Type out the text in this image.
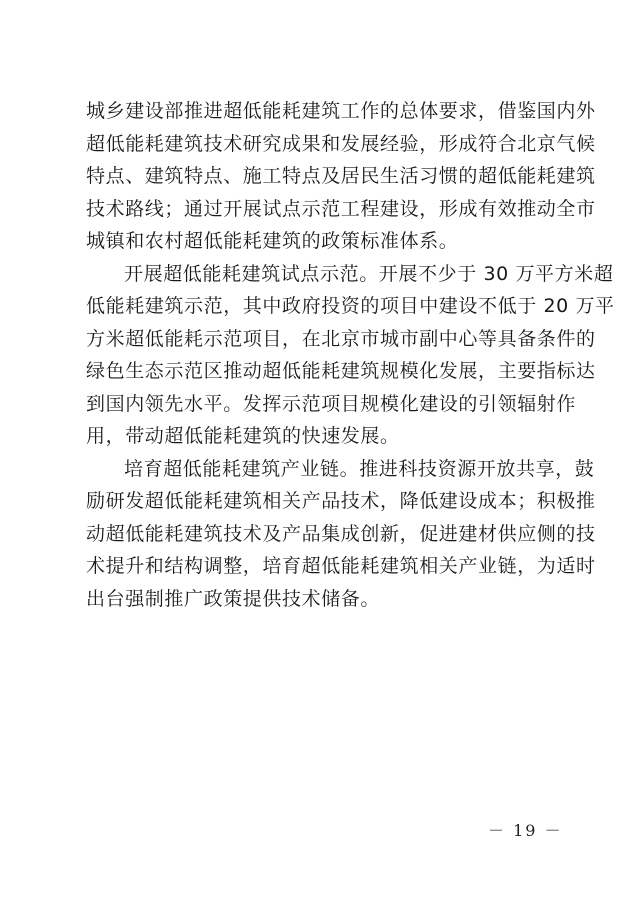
城乡建设部推进超低能耗建筑工作的总体要求，借鉴国内外
超低能耗建筑技术研究成果和发展经验，形成符合北京气候
特点、建筑特点、施工特点及居民生活习惯的超低能耗建筑
技术路线；通过开展试点示范工程建设，形成有效推动全市
城镇和农村超低能耗建筑的政策标准体系。
开展超低能耗建筑试点示范。开展不少于 30 万平方米超
低能耗建筑示范，其中政府投资的项目中建设不低于 20 万平
方米超低能耗示范项目，在北京市城市副中心等具备条件的
绿色生态示范区推动超低能耗建筑规模化发展，主要指标达
到国内领先水平。发挥示范项目规模化建设的引领辐射作
用，带动超低能耗建筑的快速发展。
培育超低能耗建筑产业链。推进科技资源开放共享，鼓
励研发超低能耗建筑相关产品技术，降低建设成本；积极推
动超低能耗建筑技术及产品集成创新，促进建材供应侧的技
术提升和结构调整，培育超低能耗建筑相关产业链，为适时
出台强制推广政策提供技术储备。
－ 19 －
